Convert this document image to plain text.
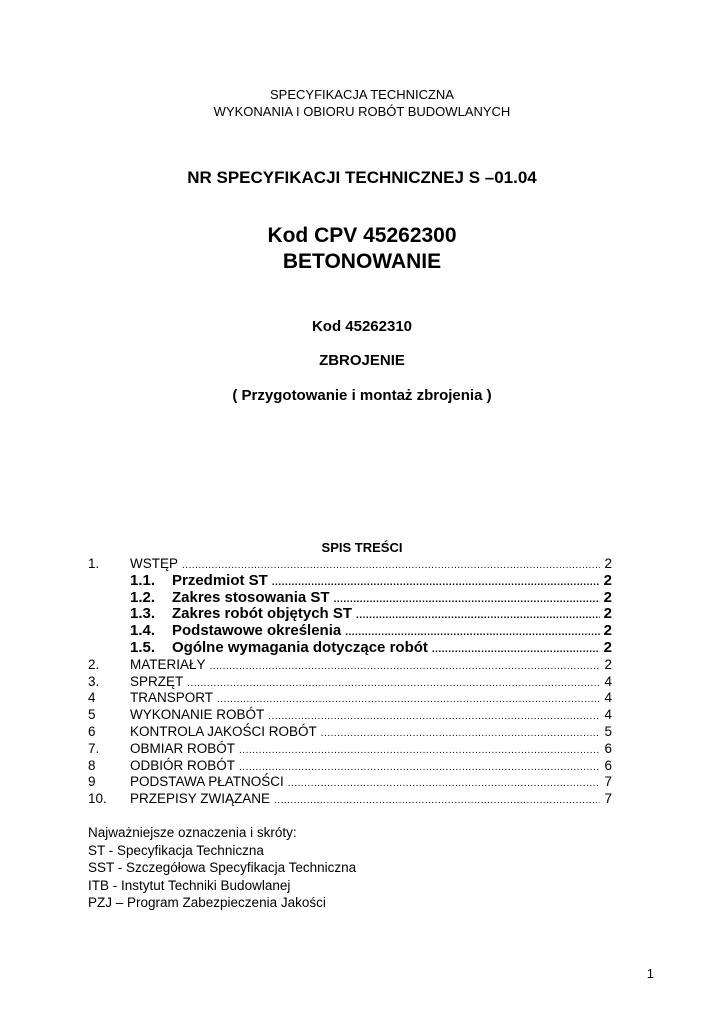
SPECYFIKACJA TECHNICZNA
WYKONANIA I OBIORU ROBÓT BUDOWLANYCH
NR SPECYFIKACJI TECHNICZNEJ S –01.04
Kod CPV 45262300
BETONOWANIE
Kod 45262310
ZBROJENIE
( Przygotowanie i montaż zbrojenia )
SPIS TREŚCI
1.	WSTĘP .....	2
1.1.	Przedmiot ST .....	2
1.2.	Zakres stosowania ST .....	2
1.3.	Zakres robót objętych ST .....	2
1.4.	Podstawowe określenia .....	2
1.5.	Ogólne wymagania dotyczące robót .....	2
2.	MATERIAŁY .....	2
3.	SPRZĘT .....	4
4	TRANSPORT .....	4
5	WYKONANIE ROBÓT .....	4
6	KONTROLA JAKOŚCI ROBÓT .....	5
7.	OBMIAR ROBÓT .....	6
8	ODBIÓR ROBÓT .....	6
9	PODSTAWA PŁATNOŚCI .....	7
10.	PRZEPISY ZWIĄZANE .....	7
Najważniejsze oznaczenia i skróty:
ST - Specyfikacja Techniczna
SST - Szczegółowa Specyfikacja Techniczna
ITB - Instytut Techniki Budowlanej
PZJ – Program Zabezpieczenia Jakości
1
